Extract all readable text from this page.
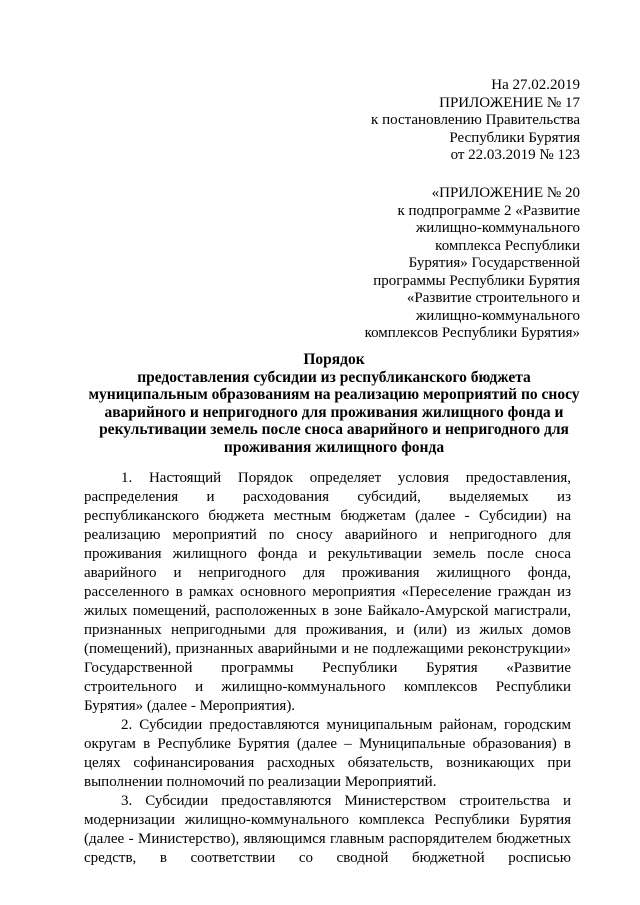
На 27.02.2019
ПРИЛОЖЕНИЕ № 17
к постановлению Правительства
Республики Бурятия
от 22.03.2019 № 123
«ПРИЛОЖЕНИЕ № 20
к подпрограмме 2 «Развитие
жилищно-коммунального
комплекса Республики
Бурятия» Государственной
программы Республики Бурятия
«Развитие строительного и
жилищно-коммунального
комплексов Республики Бурятия»
Порядок
предоставления субсидии из республиканского бюджета
муниципальным образованиям на реализацию мероприятий по сносу
аварийного и непригодного для проживания жилищного фонда и
рекультивации земель после сноса аварийного и непригодного для
проживания жилищного фонда
1. Настоящий Порядок определяет условия предоставления,
распределения и расходования субсидий, выделяемых из
республиканского бюджета местным бюджетам (далее - Субсидии) на
реализацию мероприятий по сносу аварийного и непригодного для
проживания жилищного фонда и рекультивации земель после сноса
аварийного и непригодного для проживания жилищного фонда,
расселенного в рамках основного мероприятия «Переселение граждан из
жилых помещений, расположенных в зоне Байкало-Амурской магистрали,
признанных непригодными для проживания, и (или) из жилых домов
(помещений), признанных аварийными и не подлежащими реконструкции»
Государственной программы Республики Бурятия «Развитие
строительного и жилищно-коммунального комплексов Республики
Бурятия» (далее - Мероприятия).
2. Субсидии предоставляются муниципальным районам, городским
округам в Республике Бурятия (далее – Муниципальные образования) в
целях софинансирования расходных обязательств, возникающих при
выполнении полномочий по реализации Мероприятий.
3. Субсидии предоставляются Министерством строительства и
модернизации жилищно-коммунального комплекса Республики Бурятия
(далее - Министерство), являющимся главным распорядителем бюджетных
средств, в соответствии со сводной бюджетной росписью
